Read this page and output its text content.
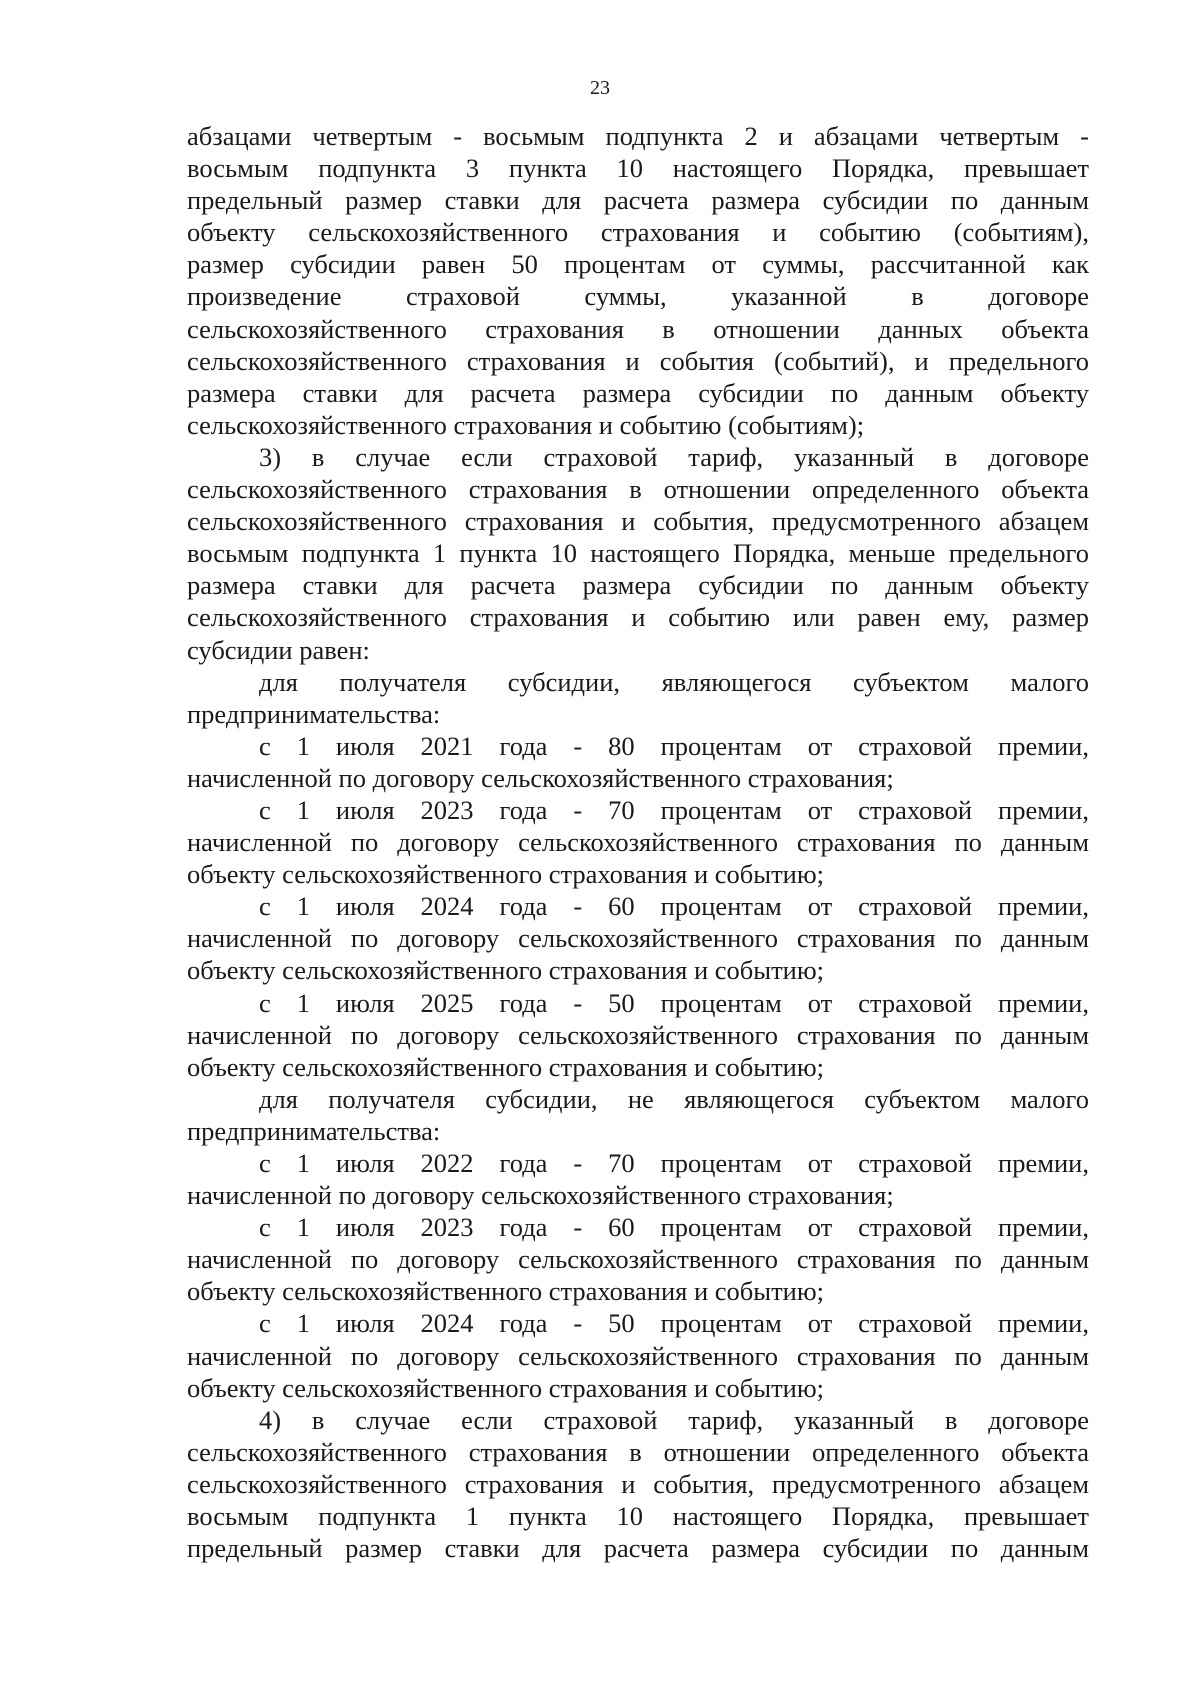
23
абзацами четвертым - восьмым подпункта 2 и абзацами четвертым -
восьмым подпункта 3 пункта 10 настоящего Порядка, превышает
предельный размер ставки для расчета размера субсидии по данным
объекту сельскохозяйственного страхования и событию (событиям),
размер субсидии равен 50 процентам от суммы, рассчитанной как
произведение страховой суммы, указанной в договоре
сельскохозяйственного страхования в отношении данных объекта
сельскохозяйственного страхования и события (событий), и предельного
размера ставки для расчета размера субсидии по данным объекту
сельскохозяйственного страхования и событию (событиям);
3) в случае если страховой тариф, указанный в договоре
сельскохозяйственного страхования в отношении определенного объекта
сельскохозяйственного страхования и события, предусмотренного абзацем
восьмым подпункта 1 пункта 10 настоящего Порядка, меньше предельного
размера ставки для расчета размера субсидии по данным объекту
сельскохозяйственного страхования и событию или равен ему, размер
субсидии равен:
для получателя субсидии, являющегося субъектом малого
предпринимательства:
с 1 июля 2021 года - 80 процентам от страховой премии,
начисленной по договору сельскохозяйственного страхования;
с 1 июля 2023 года - 70 процентам от страховой премии,
начисленной по договору сельскохозяйственного страхования по данным
объекту сельскохозяйственного страхования и событию;
с 1 июля 2024 года - 60 процентам от страховой премии,
начисленной по договору сельскохозяйственного страхования по данным
объекту сельскохозяйственного страхования и событию;
с 1 июля 2025 года - 50 процентам от страховой премии,
начисленной по договору сельскохозяйственного страхования по данным
объекту сельскохозяйственного страхования и событию;
для получателя субсидии, не являющегося субъектом малого
предпринимательства:
с 1 июля 2022 года - 70 процентам от страховой премии,
начисленной по договору сельскохозяйственного страхования;
с 1 июля 2023 года - 60 процентам от страховой премии,
начисленной по договору сельскохозяйственного страхования по данным
объекту сельскохозяйственного страхования и событию;
с 1 июля 2024 года - 50 процентам от страховой премии,
начисленной по договору сельскохозяйственного страхования по данным
объекту сельскохозяйственного страхования и событию;
4) в случае если страховой тариф, указанный в договоре
сельскохозяйственного страхования в отношении определенного объекта
сельскохозяйственного страхования и события, предусмотренного абзацем
восьмым подпункта 1 пункта 10 настоящего Порядка, превышает
предельный размер ставки для расчета размера субсидии по данным
